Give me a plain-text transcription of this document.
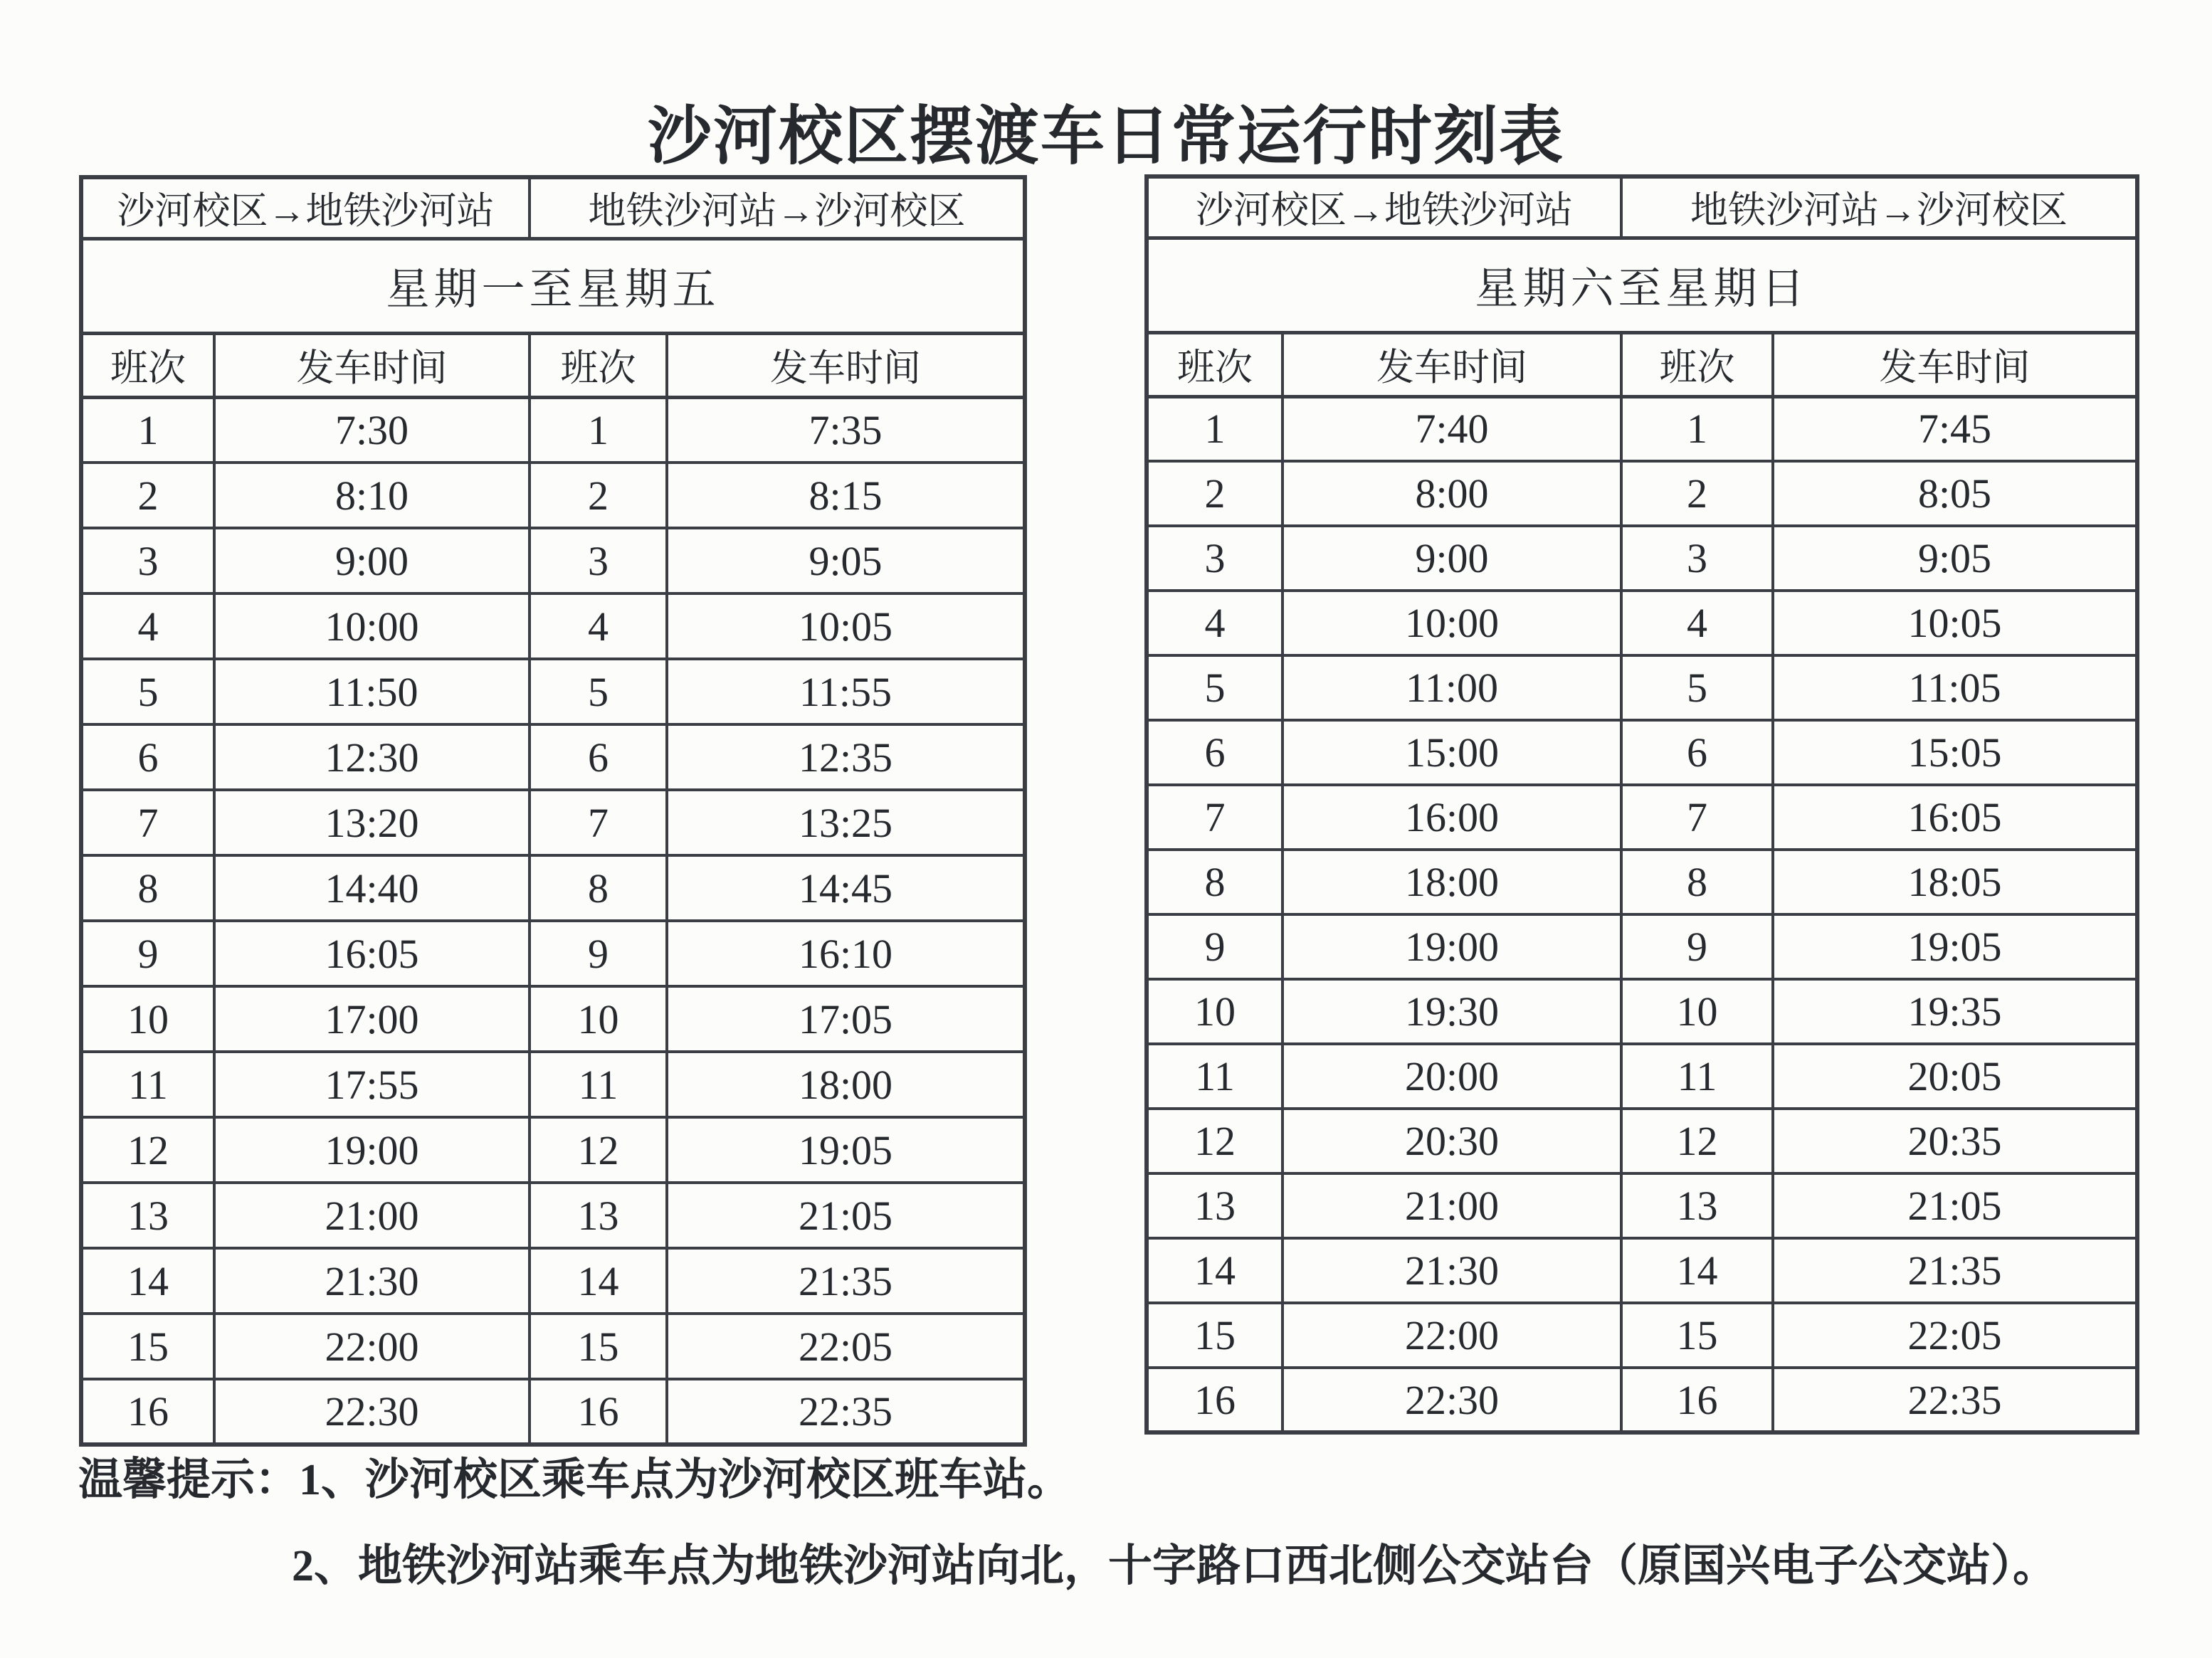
沙河校区摆渡车日常运行时刻表
沙河校区→地铁沙河站		地铁沙河站→沙河校区	
星期一至星期五			
班次	发车时间	班次	发车时间
1	7:30	1	7:35
2	8:10	2	8:15
3	9:00	3	9:05
4	10:00	4	10:05
5	11:50	5	11:55
6	12:30	6	12:35
7	13:20	7	13:25
8	14:40	8	14:45
9	16:05	9	16:10
10	17:00	10	17:05
11	17:55	11	18:00
12	19:00	12	19:05
13	21:00	13	21:05
14	21:30	14	21:35
15	22:00	15	22:05
16	22:30	16	22:35
沙河校区→地铁沙河站		地铁沙河站→沙河校区	
星期六至星期日			
班次	发车时间	班次	发车时间
1	7:40	1	7:45
2	8:00	2	8:05
3	9:00	3	9:05
4	10:00	4	10:05
5	11:00	5	11:05
6	15:00	6	15:05
7	16:00	7	16:05
8	18:00	8	18:05
9	19:00	9	19:05
10	19:30	10	19:35
11	20:00	11	20:05
12	20:30	12	20:35
13	21:00	13	21:05
14	21:30	14	21:35
15	22:00	15	22:05
16	22:30	16	22:35

温馨提示：1、沙河校区乘车点为沙河校区班车站。

2、地铁沙河站乘车点为地铁沙河站向北，十字路口西北侧公交站台（原国兴电子公交站）。
